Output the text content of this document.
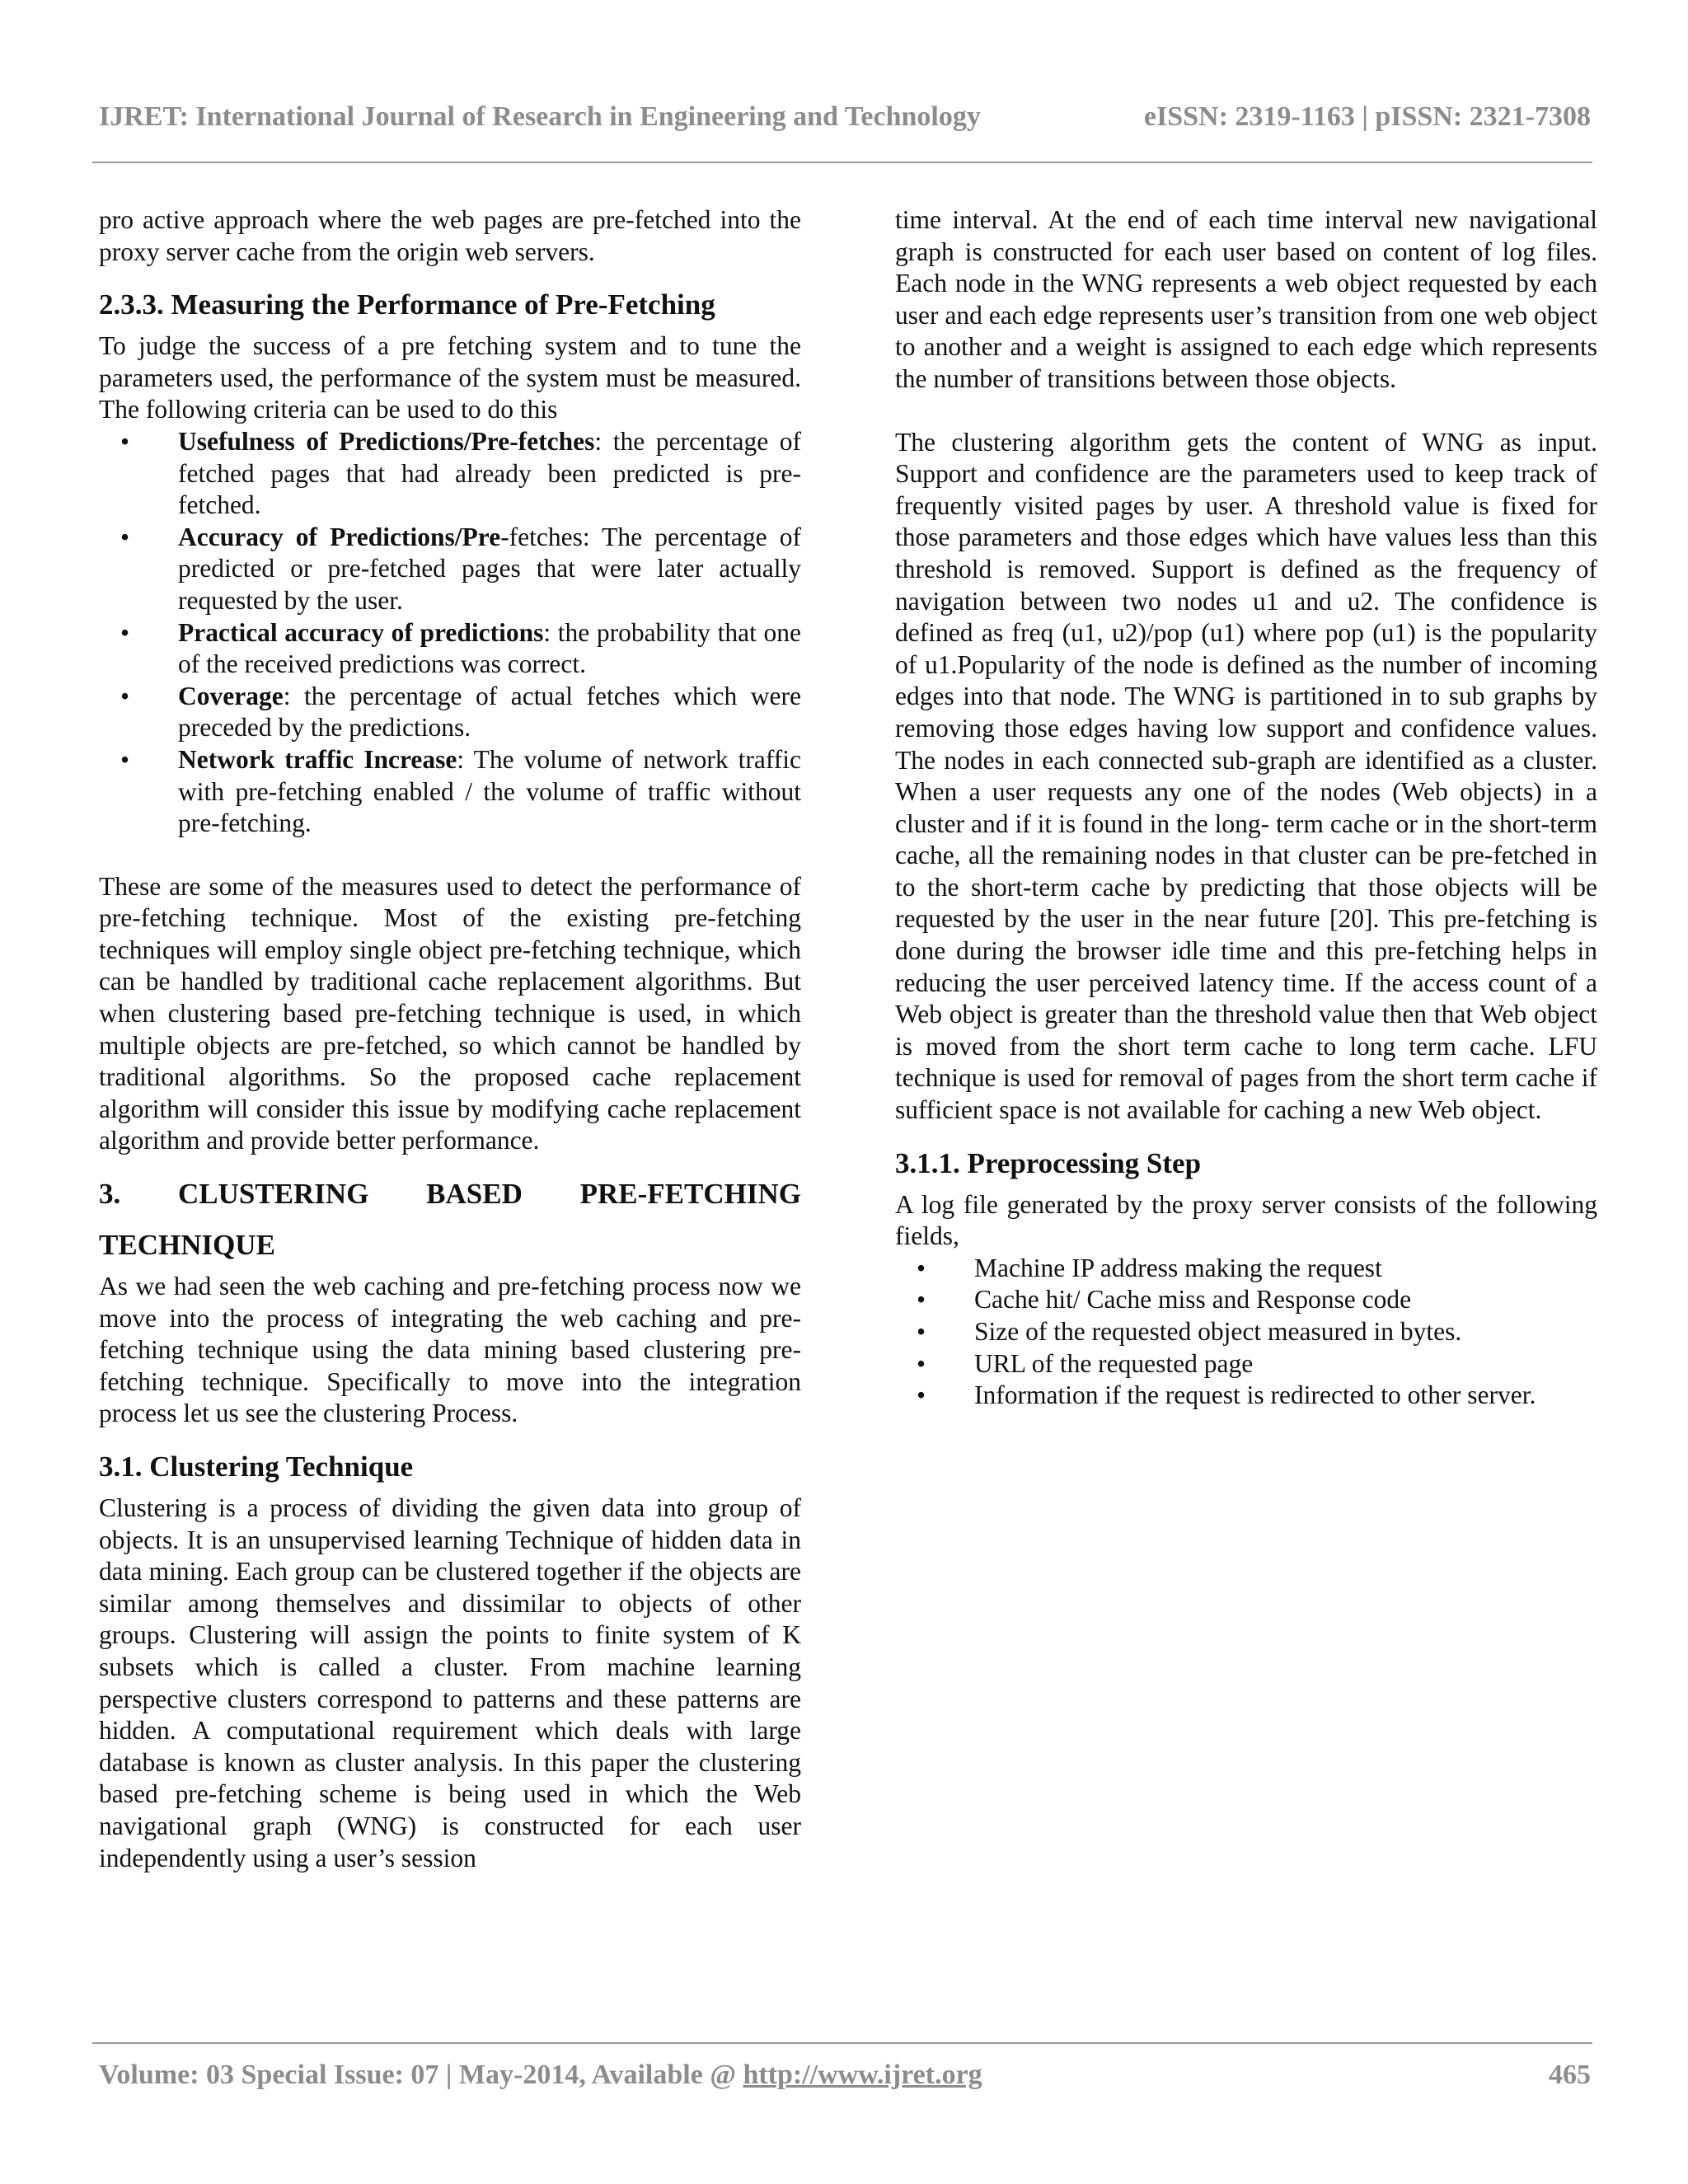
IJRET: International Journal of Research in Engineering and Technology	eISSN: 2319-1163 | pISSN: 2321-7308

pro active approach where the web pages are pre-fetched into the proxy server cache from the origin web servers.

2.3.3. Measuring the Performance of Pre-Fetching

To judge the success of a pre fetching system and to tune the parameters used, the performance of the system must be measured. The following criteria can be used to do this

• Usefulness of Predictions/Pre-fetches: the percentage of fetched pages that had already been predicted is pre-fetched.
• Accuracy of Predictions/Pre-fetches: The percentage of predicted or pre-fetched pages that were later actually requested by the user.
• Practical accuracy of predictions: the probability that one of the received predictions was correct.
• Coverage: the percentage of actual fetches which were preceded by the predictions.
• Network traffic Increase: The volume of network traffic with pre-fetching enabled / the volume of traffic without pre-fetching.

These are some of the measures used to detect the performance of pre-fetching technique. Most of the existing pre-fetching techniques will employ single object pre-fetching technique, which can be handled by traditional cache replacement algorithms. But when clustering based pre-fetching technique is used, in which multiple objects are pre-fetched, so which cannot be handled by traditional algorithms. So the proposed cache replacement algorithm will consider this issue by modifying cache replacement algorithm and provide better performance.

3. CLUSTERING BASED PRE-FETCHING
TECHNIQUE

As we had seen the web caching and pre-fetching process now we move into the process of integrating the web caching and pre-fetching technique using the data mining based clustering pre-fetching technique. Specifically to move into the integration process let us see the clustering Process.

3.1. Clustering Technique

Clustering is a process of dividing the given data into group of objects. It is an unsupervised learning Technique of hidden data in data mining. Each group can be clustered together if the objects are similar among themselves and dissimilar to objects of other groups. Clustering will assign the points to finite system of K subsets which is called a cluster. From machine learning perspective clusters correspond to patterns and these patterns are hidden. A computational requirement which deals with large database is known as cluster analysis. In this paper the clustering based pre-fetching scheme is being used in which the Web navigational graph (WNG) is constructed for each user independently using a user’s session

time interval. At the end of each time interval new navigational graph is constructed for each user based on content of log files. Each node in the WNG represents a web object requested by each user and each edge represents user’s transition from one web object to another and a weight is assigned to each edge which represents the number of transitions between those objects.

The clustering algorithm gets the content of WNG as input. Support and confidence are the parameters used to keep track of frequently visited pages by user. A threshold value is fixed for those parameters and those edges which have values less than this threshold is removed. Support is defined as the frequency of navigation between two nodes u1 and u2. The confidence is defined as freq (u1, u2)/pop (u1) where pop (u1) is the popularity of u1.Popularity of the node is defined as the number of incoming edges into that node. The WNG is partitioned in to sub graphs by removing those edges having low support and confidence values. The nodes in each connected sub-graph are identified as a cluster. When a user requests any one of the nodes (Web objects) in a cluster and if it is found in the long- term cache or in the short-term cache, all the remaining nodes in that cluster can be pre-fetched in to the short-term cache by predicting that those objects will be requested by the user in the near future [20]. This pre-fetching is done during the browser idle time and this pre-fetching helps in reducing the user perceived latency time. If the access count of a Web object is greater than the threshold value then that Web object is moved from the short term cache to long term cache. LFU technique is used for removal of pages from the short term cache if sufficient space is not available for caching a new Web object.

3.1.1. Preprocessing Step

A log file generated by the proxy server consists of the following fields,

• Machine IP address making the request
• Cache hit/ Cache miss and Response code
• Size of the requested object measured in bytes.
• URL of the requested page
• Information if the request is redirected to other server.
Volume: 03 Special Issue: 07 | May-2014, Available @ http://www.ijret.org	465
